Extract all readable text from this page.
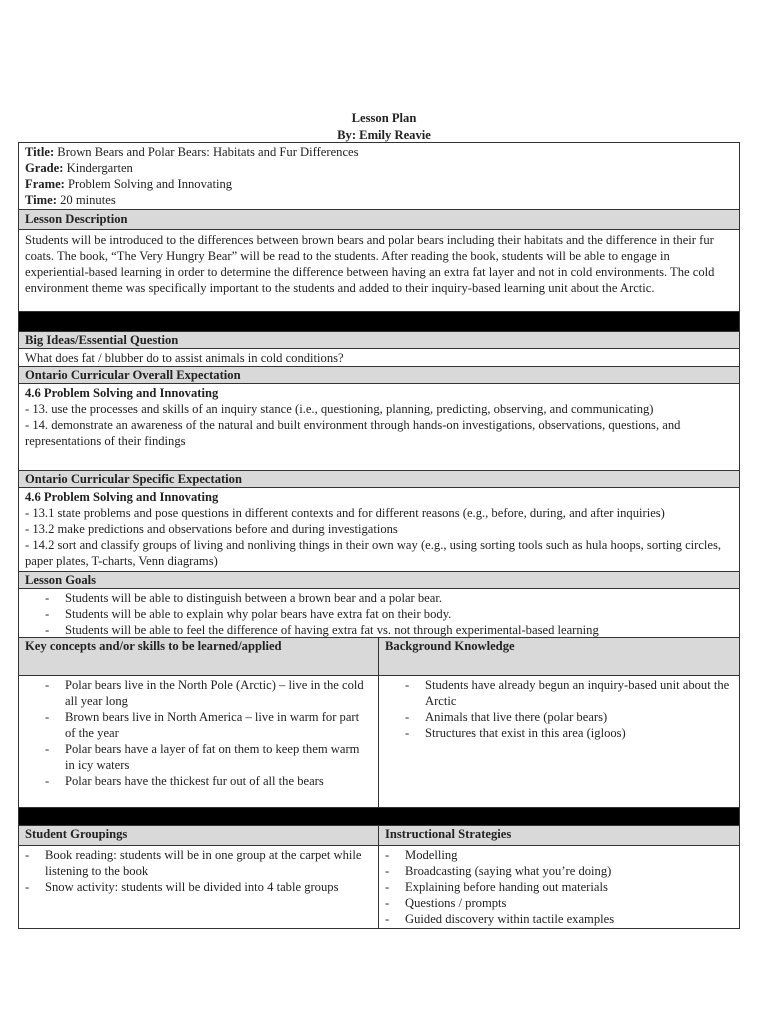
Lesson Plan
By: Emily Reavie
Title: Brown Bears and Polar Bears: Habitats and Fur Differences
Grade: Kindergarten
Frame: Problem Solving and Innovating
Time: 20 minutes
Lesson Description
Students will be introduced to the differences between brown bears and polar bears including their habitats and the difference in their fur coats. The book, “The Very Hungry Bear” will be read to the students. After reading the book, students will be able to engage in experiential-based learning in order to determine the difference between having an extra fat layer and not in cold environments. The cold environment theme was specifically important to the students and added to their inquiry-based learning unit about the Arctic.
Big Ideas/Essential Question
What does fat / blubber do to assist animals in cold conditions?
Ontario Curricular Overall Expectation
4.6 Problem Solving and Innovating
- 13. use the processes and skills of an inquiry stance (i.e., questioning, planning, predicting, observing, and communicating)
- 14. demonstrate an awareness of the natural and built environment through hands-on investigations, observations, questions, and representations of their findings
Ontario Curricular Specific Expectation
4.6 Problem Solving and Innovating
- 13.1 state problems and pose questions in different contexts and for different reasons (e.g., before, during, and after inquiries)
- 13.2 make predictions and observations before and during investigations
- 14.2 sort and classify groups of living and nonliving things in their own way (e.g., using sorting tools such as hula hoops, sorting circles, paper plates, T-charts, Venn diagrams)
Lesson Goals
- Students will be able to distinguish between a brown bear and a polar bear.
- Students will be able to explain why polar bears have extra fat on their body.
- Students will be able to feel the difference of having extra fat vs. not through experimental-based learning
Key concepts and/or skills to be learned/applied	Background Knowledge
- Polar bears live in the North Pole (Arctic) – live in the cold all year long
- Brown bears live in North America – live in warm for part of the year
- Polar bears have a layer of fat on them to keep them warm in icy waters
- Polar bears have the thickest fur out of all the bears
- Students have already begun an inquiry-based unit about the Arctic
- Animals that live there (polar bears)
- Structures that exist in this area (igloos)
Student Groupings	Instructional Strategies
- Book reading: students will be in one group at the carpet while listening to the book
- Snow activity: students will be divided into 4 table groups
- Modelling
- Broadcasting (saying what you’re doing)
- Explaining before handing out materials
- Questions / prompts
- Guided discovery within tactile examples
